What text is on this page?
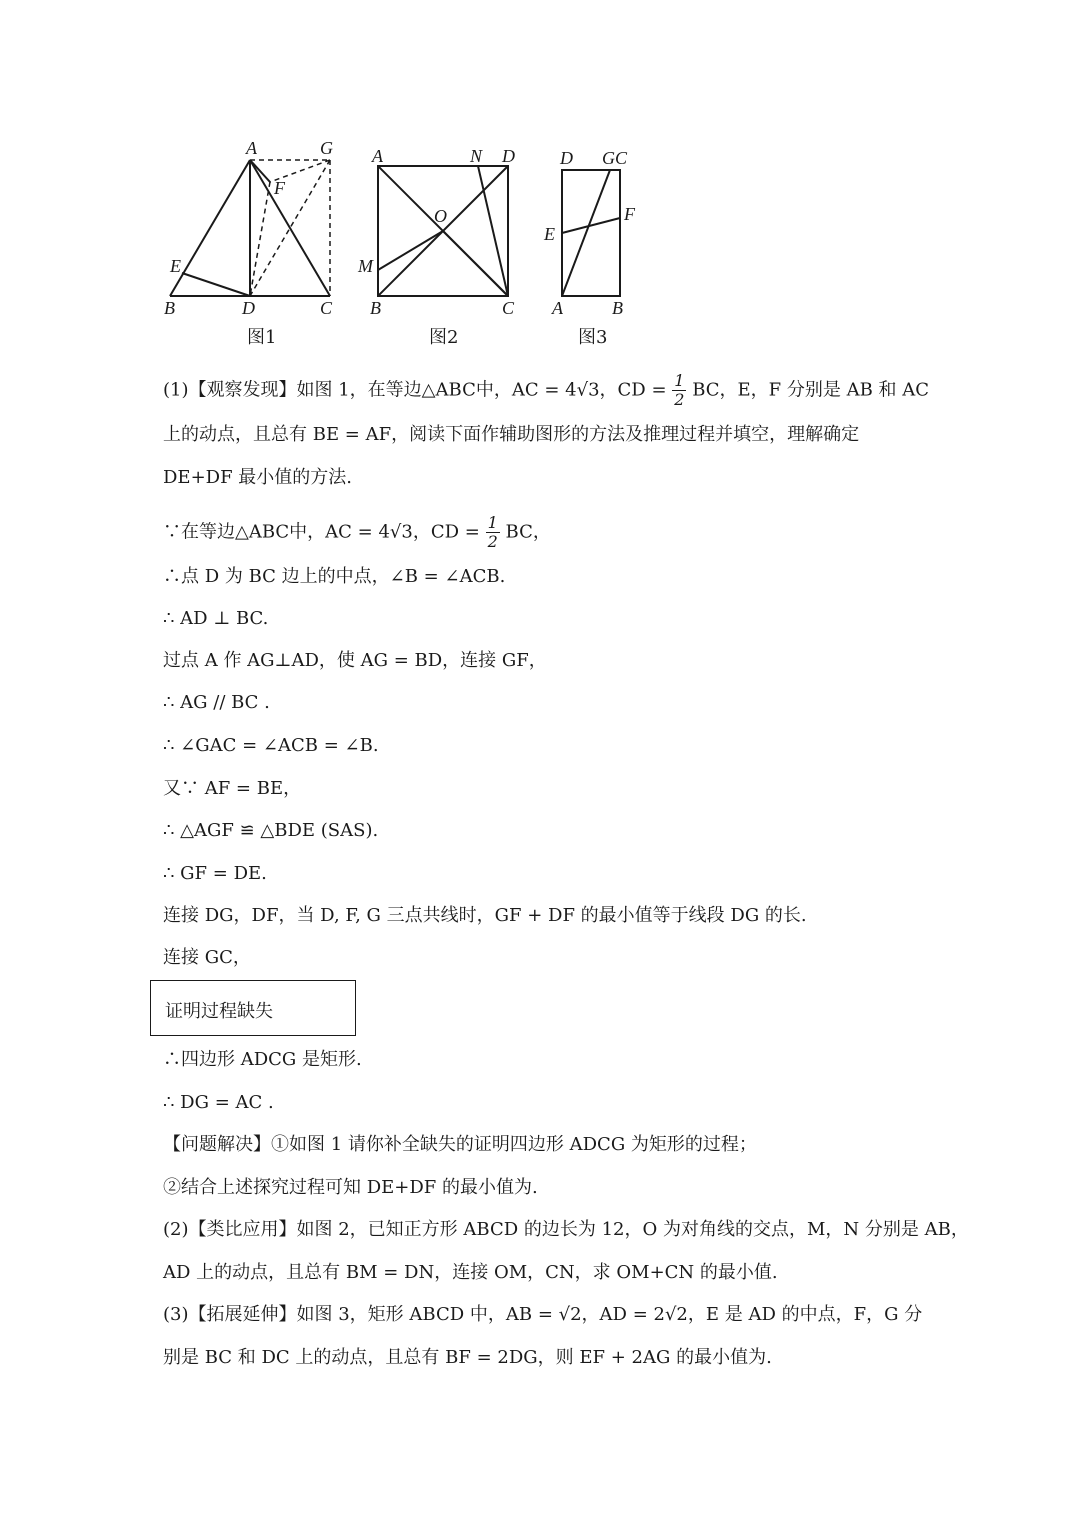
A	G
F
E
B	D	C
图1
A	N D
O
M
B	C
图2
D GC
F
E
A	B
图3
(1)【观察发现】如图 1，在等边△ABC中，AC = 4√3，CD = $\frac{1}{2}$ BC，E，F 分别是 AB 和 AC
上的动点，且总有 BE = AF，阅读下面作辅助图形的方法及推理过程并填空，理解确定
DE+DF 最小值的方法.
∵在等边△ABC中，AC = 4√3，CD = $\frac{1}{2}$ BC，
∴点 D 为 BC 边上的中点，∠B = ∠ACB.
∴ AD ⊥ BC.
过点 A 作 AG⊥AD，使 AG = BD，连接 GF，
∴ AG // BC .
∴ ∠GAC = ∠ACB = ∠B.
又∵ AF = BE，
∴ △AGF ≌ △BDE (SAS).
∴ GF = DE.
连接 DG，DF，当 D, F, G 三点共线时，GF + DF 的最小值等于线段 DG 的长.
连接 GC，
证明过程缺失
∴四边形 ADCG 是矩形.
∴ DG = AC .
【问题解决】①如图 1 请你补全缺失的证明四边形 ADCG 为矩形的过程；
②结合上述探究过程可知 DE+DF 的最小值为.
(2)【类比应用】如图 2，已知正方形 ABCD 的边长为 12，O 为对角线的交点，M，N 分别是 AB，
AD 上的动点，且总有 BM = DN，连接 OM，CN，求 OM+CN 的最小值.
(3)【拓展延伸】如图 3，矩形 ABCD 中，AB = √2，AD = 2√2，E 是 AD 的中点，F，G 分
别是 BC 和 DC 上的动点，且总有 BF = 2DG，则 EF + 2AG 的最小值为.
